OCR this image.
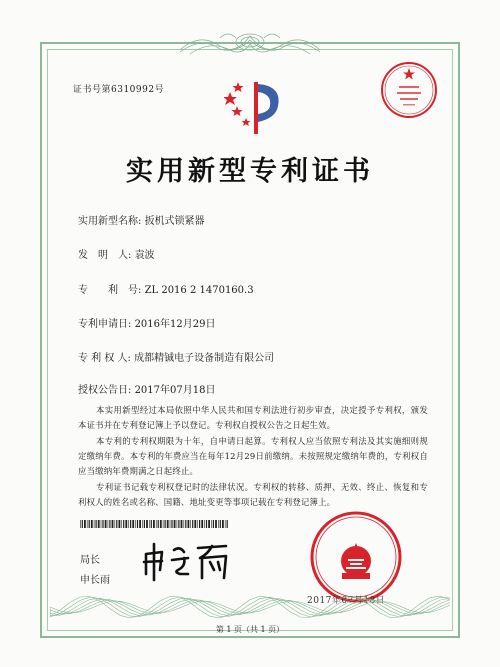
证书号第6310992号
实用新型专利证书
实用新型名称: 扳机式锁紧器
发　明　人: 袁波
专　　利　号: ZL 2016 2 1470160.3
专利申请日: 2016年12月29日
专 利 权 人: 成都精铖电子设备制造有限公司
授权公告日: 2017年07月18日
本实用新型经过本局依照中华人民共和国专利法进行初步审查，决定授予专利权，颁发本证书并在专利登记簿上予以登记。专利权自授权公告之日起生效。
本专利的专利权期限为十年，自申请日起算。专利权人应当依照专利法及其实施细则规定缴纳年费。本专利的年费应当在每年12月29日前缴纳。未按照规定缴纳年费的，专利权自应当缴纳年费期满之日起终止。
专利证书记载专利权登记时的法律状况。专利权的转移、质押、无效、终止、恢复和专利权人的姓名或名称、国籍、地址变更等事项记载在专利登记簿上。
局长
申长雨
2017年07月18日
第 1 页（共 1 页）
